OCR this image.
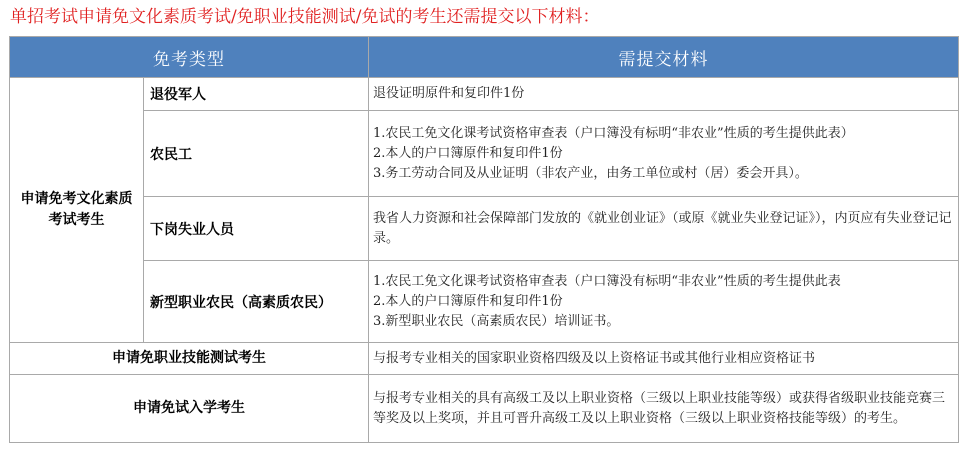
单招考试申请免文化素质考试/免职业技能测试/免试的考生还需提交以下材料：
免考类型		需提交材料
申请免考文化素质考试考生	退役军人	退役证明原件和复印件1份

	农民工	1.农民工免文化课考试资格审查表（户口簿没有标明“非农业”性质的考生提供此表）
2.本人的户口簿原件和复印件1份
3.务工劳动合同及从业证明（非农产业，由务工单位或村（居）委会开具）。

	下岗失业人员	我省人力资源和社会保障部门发放的《就业创业证》（或原《就业失业登记证》），内页应有失业登记记录。

	新型职业农民（高素质农民）	1.农民工免文化课考试资格审查表（户口簿没有标明“非农业”性质的考生提供此表
2.本人的户口簿原件和复印件1份
3.新型职业农民（高素质农民）培训证书。

申请免职业技能测试考生		与报考专业相关的国家职业资格四级及以上资格证书或其他行业相应资格证书

申请免试入学考生		与报考专业相关的具有高级工及以上职业资格（三级以上职业技能等级）或获得省级职业技能竞赛三等奖及以上奖项，并且可晋升高级工及以上职业资格（三级以上职业资格技能等级）的考生。
